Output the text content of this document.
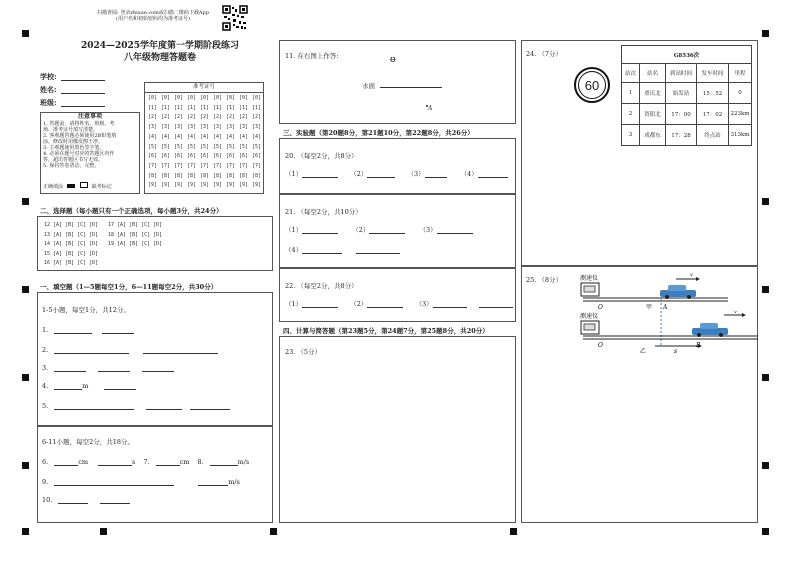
扫描查阅: 登录zhixue.com或扫描二维码下载App
(用户名和初始密码均为准考证号)
2024—2025学年度第一学期阶段练习
八年级物理答题卷
学校:
姓名:
班级:
准考证号
[0] [0] [0] [0] [0] [0] [0] [0] [0]
[1] [1] [1] [1] [1] [1] [1] [1] [1]
[2] [2] [2] [2] [2] [2] [2] [2] [2]
[3] [3] [3] [3] [3] [3] [3] [3] [3]
[4] [4] [4] [4] [4] [4] [4] [4] [4]
[5] [5] [5] [5] [5] [5] [5] [5] [5]
[6] [6] [6] [6] [6] [6] [6] [6] [6]
[7] [7] [7] [7] [7] [7] [7] [7] [7]
[8] [8] [8] [8] [8] [8] [8] [8] [8]
[9] [9] [9] [9] [9] [9] [9] [9] [9]
注意事项
1. 答题前，请将姓名、班级、考
场、准考证号填写清楚。
2. 客观题答题必须使用2B铅笔填
涂，修改时用橡皮擦干净。
3. 主观题使用黑色签字笔。
4. 必须在题号对应的答题区内作
答，超出答题区书写无效。
5. 保持答卷清洁、完整。
正确填涂	缺考标记
二、选择题（每小题只有一个正确选项，每小题3分，共24分）
12 [A] [B] [C] [D] 17 [A] [B] [C] [D]
13 [A] [B] [C] [D] 18 [A] [B] [C] [D]
14 [A] [B] [C] [D] 19 [A] [B] [C] [D]
15 [A] [B] [C] [D]
16 [A] [B] [C] [D]
一、填空题（1—5题每空1分，6—11题每空2分，共30分）
1-5小题，每空1分，共12分。
1.
2.
3.
4.	m
5.
6-11小题，每空2分，共18分。
6.	cm	s 7.	cm 8.	m/s
9.	m/s
10.
11. 在右图上作答:	ᵿ
水面
A
三、实验题（第20题8分，第21题10分，第22题8分，共26分）
20. （每空2分，共8分）
（1）	（2）	（3）	（4）
21. （每空2分，共10分）
（1）	（2）	（3）
（4）
22. （每空2分，共8分）
（1）	（2）	（3）
四、计算与简答题（第23题5分，第24题7分，第25题8分，共20分）
23. （5分）
24. （7分）
60
G8536次				
站次	站名	到站时间	发车时间	里程
1	重庆北	始发站	15：52	0
2	资阳北	17：00	17：02	223km
3	成都东	17：28	终点站	313km
25. （8分）	测速仪	v
O	甲 A
测速仪
v
O
乙	s
B
